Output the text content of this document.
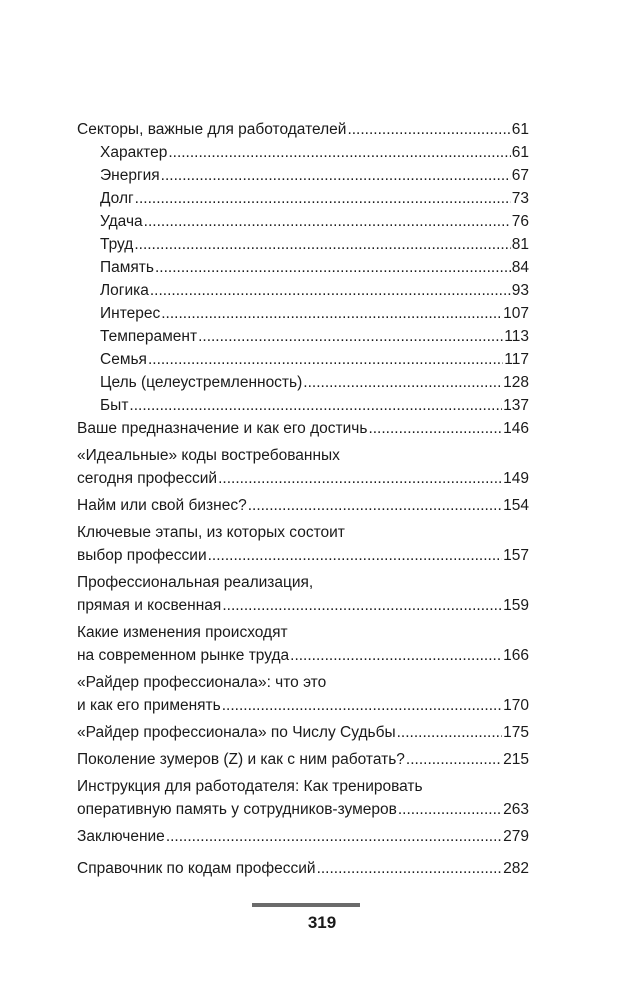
Секторы, важные для работодателей .....	61
Характер .....	61
Энергия .....	67
Долг .....	73
Удача .....	76
Труд .....	81
Память .....	84
Логика .....	93
Интерес .....	107
Темперамент .....	113
Семья .....	117
Цель (целеустремленность) .....	128
Быт .....	137
Ваше предназначение и как его достичь .....	146
«Идеальные» коды востребованных
сегодня профессий .....	149
Найм или свой бизнес? .....	154
Ключевые этапы, из которых состоит
выбор профессии .....	157
Профессиональная реализация,
прямая и косвенная .....	159
Какие изменения происходят
на современном рынке труда .....	166
«Райдер профессионала»: что это
и как его применять .....	170
«Райдер профессионала» по Числу Судьбы .....	175
Поколение зумеров (Z) и как с ним работать? .....	215
Инструкция для работодателя: Как тренировать
оперативную память у сотрудников-зумеров .....	263
Заключение .....	279
Справочник по кодам профессий .....	282
319
